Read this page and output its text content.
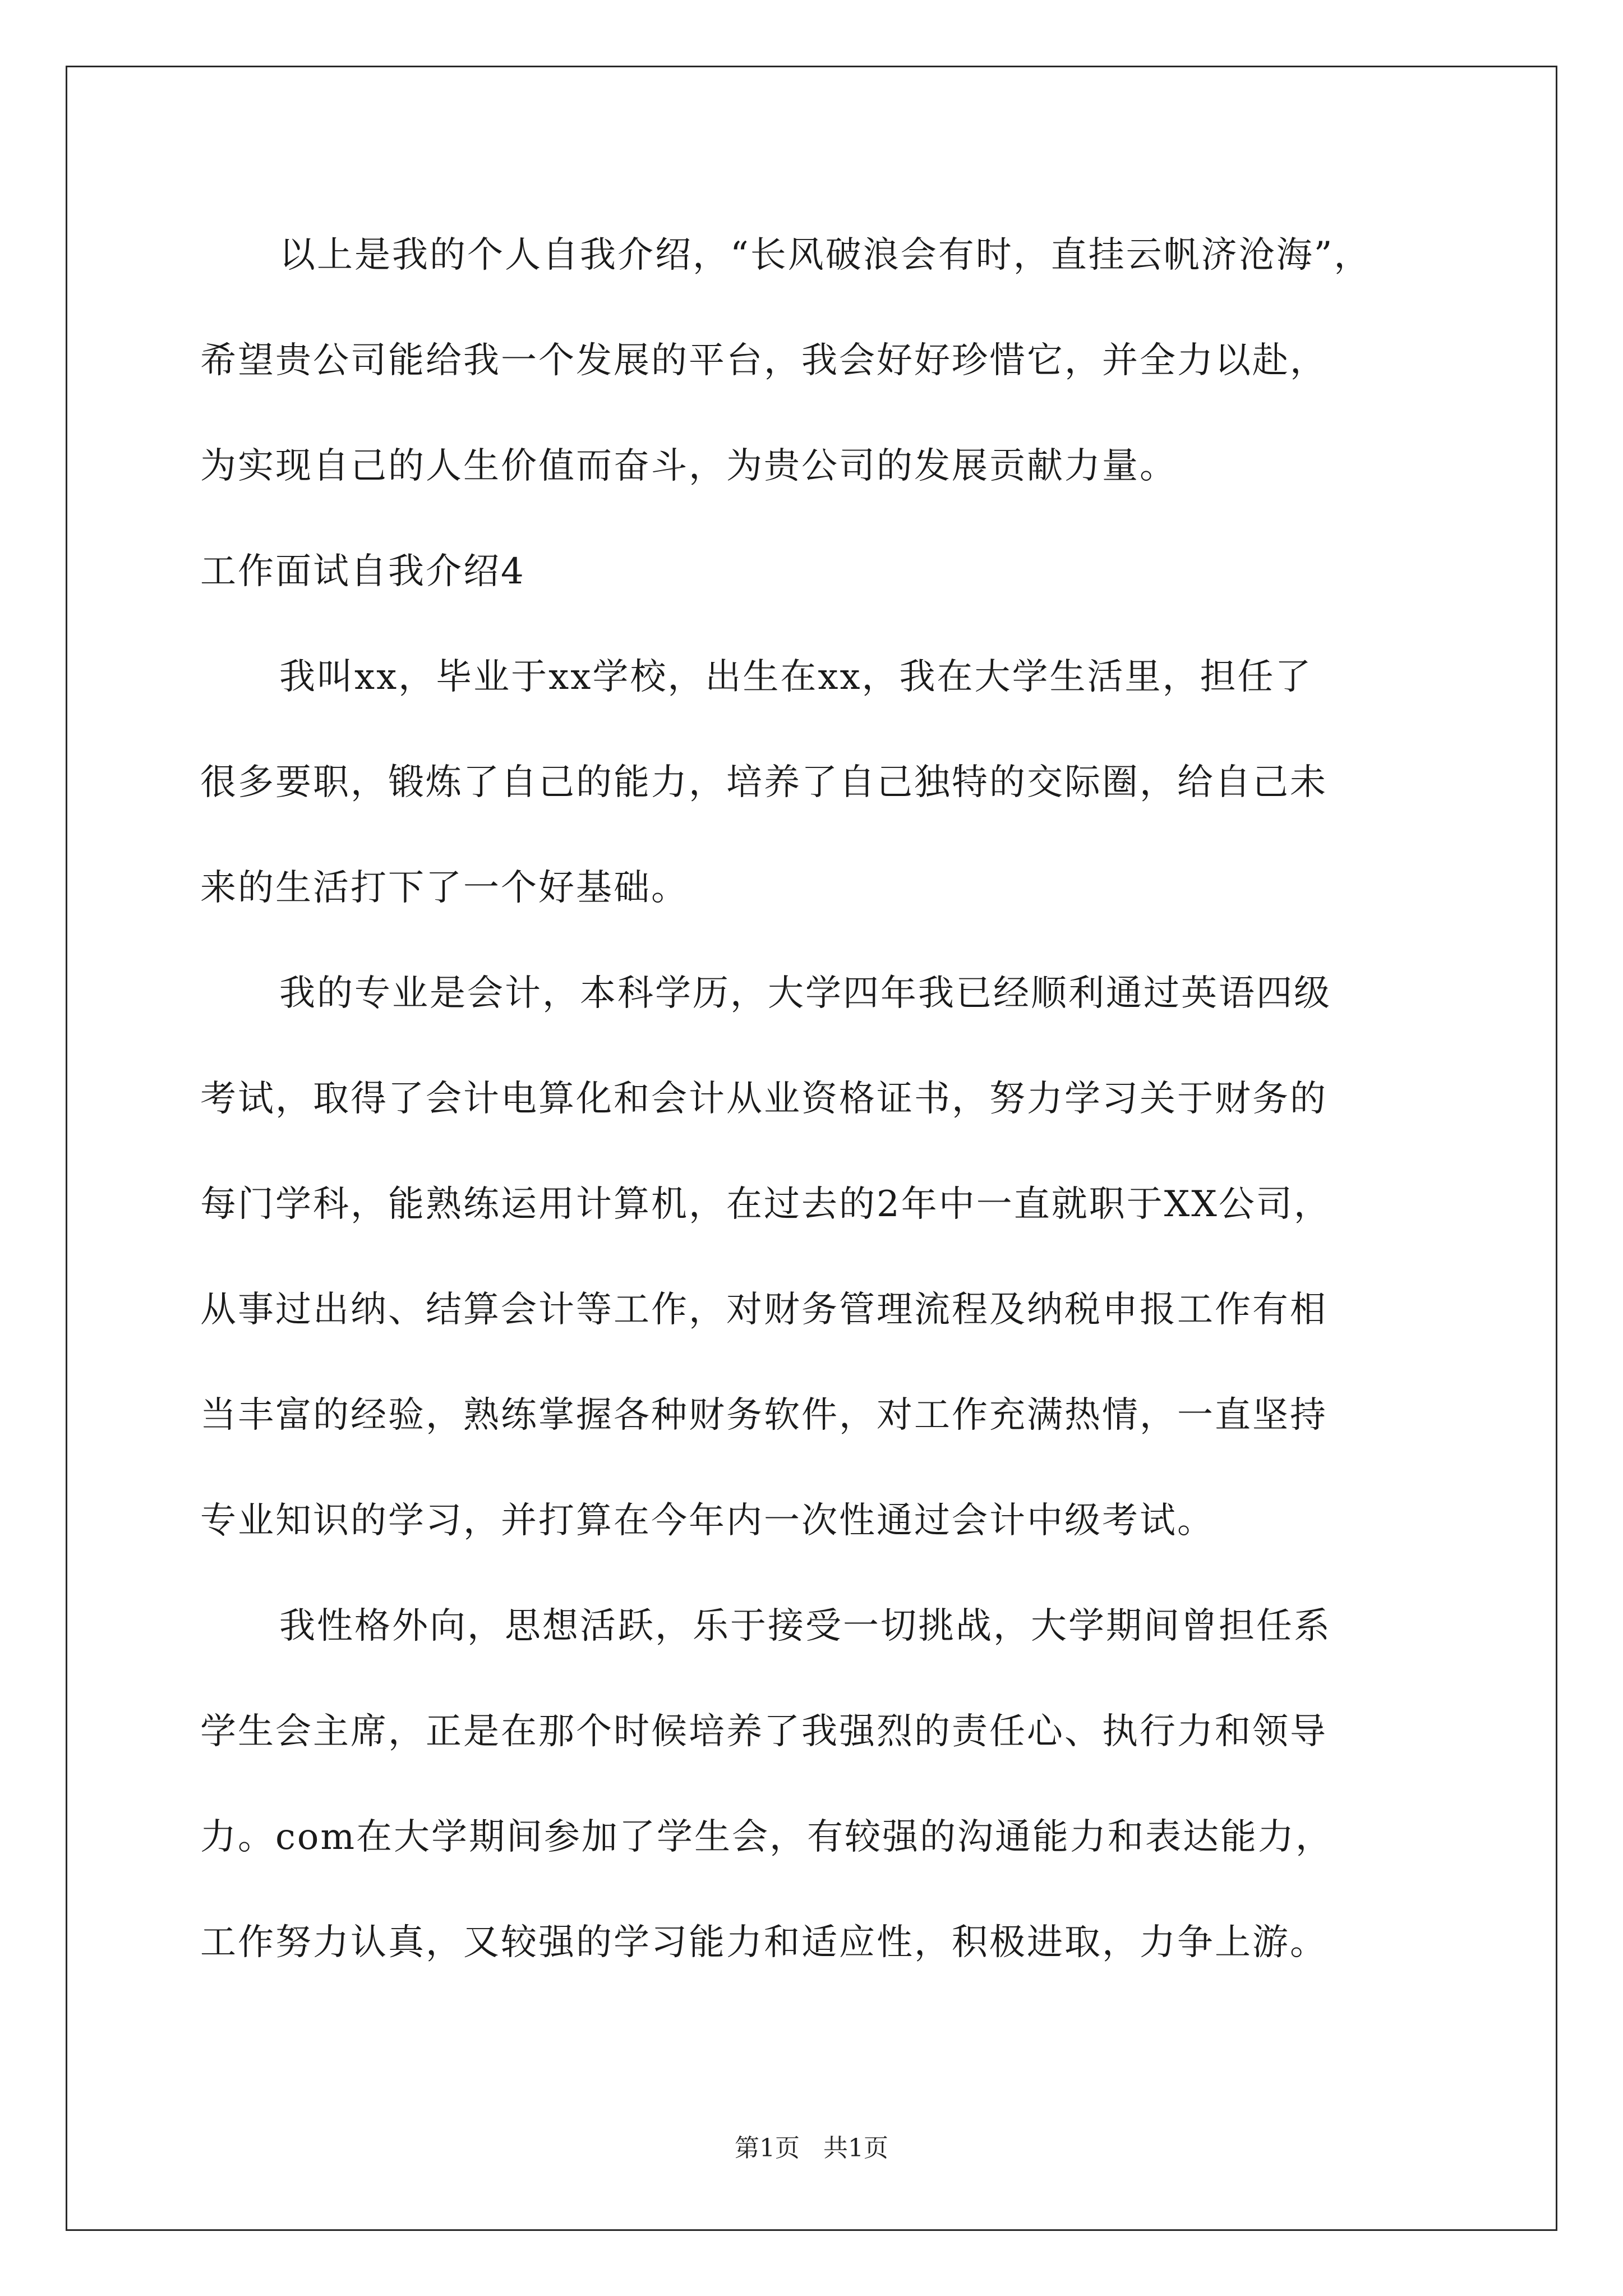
以上是我的个人自我介绍，“长风破浪会有时，直挂云帆济沧海”，
希望贵公司能给我一个发展的平台，我会好好珍惜它，并全力以赴，
为实现自己的人生价值而奋斗，为贵公司的发展贡献力量。
工作面试自我介绍4
我叫xx，毕业于xx学校，出生在xx，我在大学生活里，担任了
很多要职，锻炼了自己的能力，培养了自己独特的交际圈，给自己未
来的生活打下了一个好基础。
我的专业是会计，本科学历，大学四年我已经顺利通过英语四级
考试，取得了会计电算化和会计从业资格证书，努力学习关于财务的
每门学科，能熟练运用计算机，在过去的2年中一直就职于XX公司，
从事过出纳、结算会计等工作，对财务管理流程及纳税申报工作有相
当丰富的经验，熟练掌握各种财务软件，对工作充满热情，一直坚持
专业知识的学习，并打算在今年内一次性通过会计中级考试。
我性格外向，思想活跃，乐于接受一切挑战，大学期间曾担任系
学生会主席，正是在那个时候培养了我强烈的责任心、执行力和领导
力。com在大学期间参加了学生会，有较强的沟通能力和表达能力，
工作努力认真，又较强的学习能力和适应性，积极进取，力争上游。
第1页   共1页
